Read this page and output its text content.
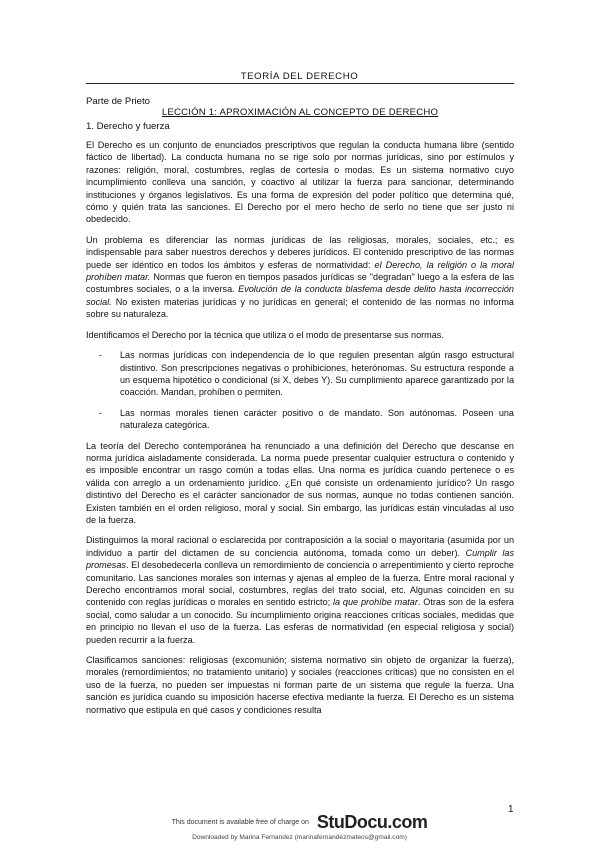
TEORÍA DEL DERECHO
Parte de Prieto
LECCIÓN 1: APROXIMACIÓN AL CONCEPTO DE DERECHO
1. Derecho y fuerza

El Derecho es un conjunto de enunciados prescriptivos que regulan la conducta humana libre (sentido fáctico de libertad). La conducta humana no se rige solo por normas jurídicas, sino por estímulos y razones: religión, moral, costumbres, reglas de cortesía o modas. Es un sistema normativo cuyo incumplimiento conlleva una sanción, y coactivo al utilizar la fuerza para sancionar, determinando instituciones y órganos legislativos. Es una forma de expresión del poder político que determina qué, cómo y quién trata las sanciones. El Derecho por el mero hecho de serlo no tiene que ser justo ni obedecido.

Un problema es diferenciar las normas jurídicas de las religiosas, morales, sociales, etc.; es indispensable para saber nuestros derechos y deberes jurídicos. El contenido prescriptivo de las normas puede ser idéntico en todos los ámbitos y esferas de normatividad: el Derecho, la religión o la moral prohíben matar. Normas que fueron en tiempos pasados jurídicas se "degradan" luego a la esfera de las costumbres sociales, o a la inversa. Evolución de la conducta blasfema desde delito hasta incorrección social. No existen materias jurídicas y no jurídicas en general; el contenido de las normas no informa sobre su naturaleza.

Identificamos el Derecho por la técnica que utiliza o el modo de presentarse sus normas.

- Las normas jurídicas con independencia de lo que regulen presentan algún rasgo estructural distintivo. Son prescripciones negativas o prohibiciones, heterónomas. Su estructura responde a un esquema hipotético o condicional (si X, debes Y). Su cumplimiento aparece garantizado por la coacción. Mandan, prohíben o permiten.
- Las normas morales tienen carácter positivo o de mandato. Son autónomas. Poseen una naturaleza categórica.

La teoría del Derecho contemporánea ha renunciado a una definición del Derecho que descanse en norma jurídica aisladamente considerada. La norma puede presentar cualquier estructura o contenido y es imposible encontrar un rasgo común a todas ellas. Una norma es jurídica cuando pertenece o es válida con arreglo a un ordenamiento jurídico. ¿En qué consiste un ordenamiento jurídico? Un rasgo distintivo del Derecho es el carácter sancionador de sus normas, aunque no todas contienen sanción. Existen también en el orden religioso, moral y social. Sin embargo, las jurídicas están vinculadas al uso de la fuerza.

Distinguimos la moral racional o esclarecida por contraposición a la social o mayoritaria (asumida por un individuo a partir del dictamen de su conciencia autónoma, tomada como un deber). Cumplir las promesas. El desobedecerla conlleva un remordimiento de conciencia o arrepentimiento y cierto reproche comunitario. Las sanciones morales son internas y ajenas al empleo de la fuerza. Entre moral racional y Derecho encontramos moral social, costumbres, reglas del trato social, etc. Algunas coinciden en su contenido con reglas jurídicas o morales en sentido estricto; la que prohíbe matar. Otras son de la esfera social, como saludar a un conocido. Su incumplimiento origina reacciones críticas sociales, medidas que en principio no llevan el uso de la fuerza. Las esferas de normatividad (en especial religiosa y social) pueden recurrir a la fuerza.

Clasificamos sanciones: religiosas (excomunión; sistema normativo sin objeto de organizar la fuerza), morales (remordimientos; no tratamiento unitario) y sociales (reacciones críticas) que no consisten en el uso de la fuerza, no pueden ser impuestas ni forman parte de un sistema que regule la fuerza. Una sanción es jurídica cuando su imposición hacerse efectiva mediante la fuerza. El Derecho es un sistema normativo que estipula en qué casos y condiciones resulta

1
This document is available free of charge on StuDocu.com
Downloaded by Marina Fernandez (marinafernandezmateos@gmail.com)
